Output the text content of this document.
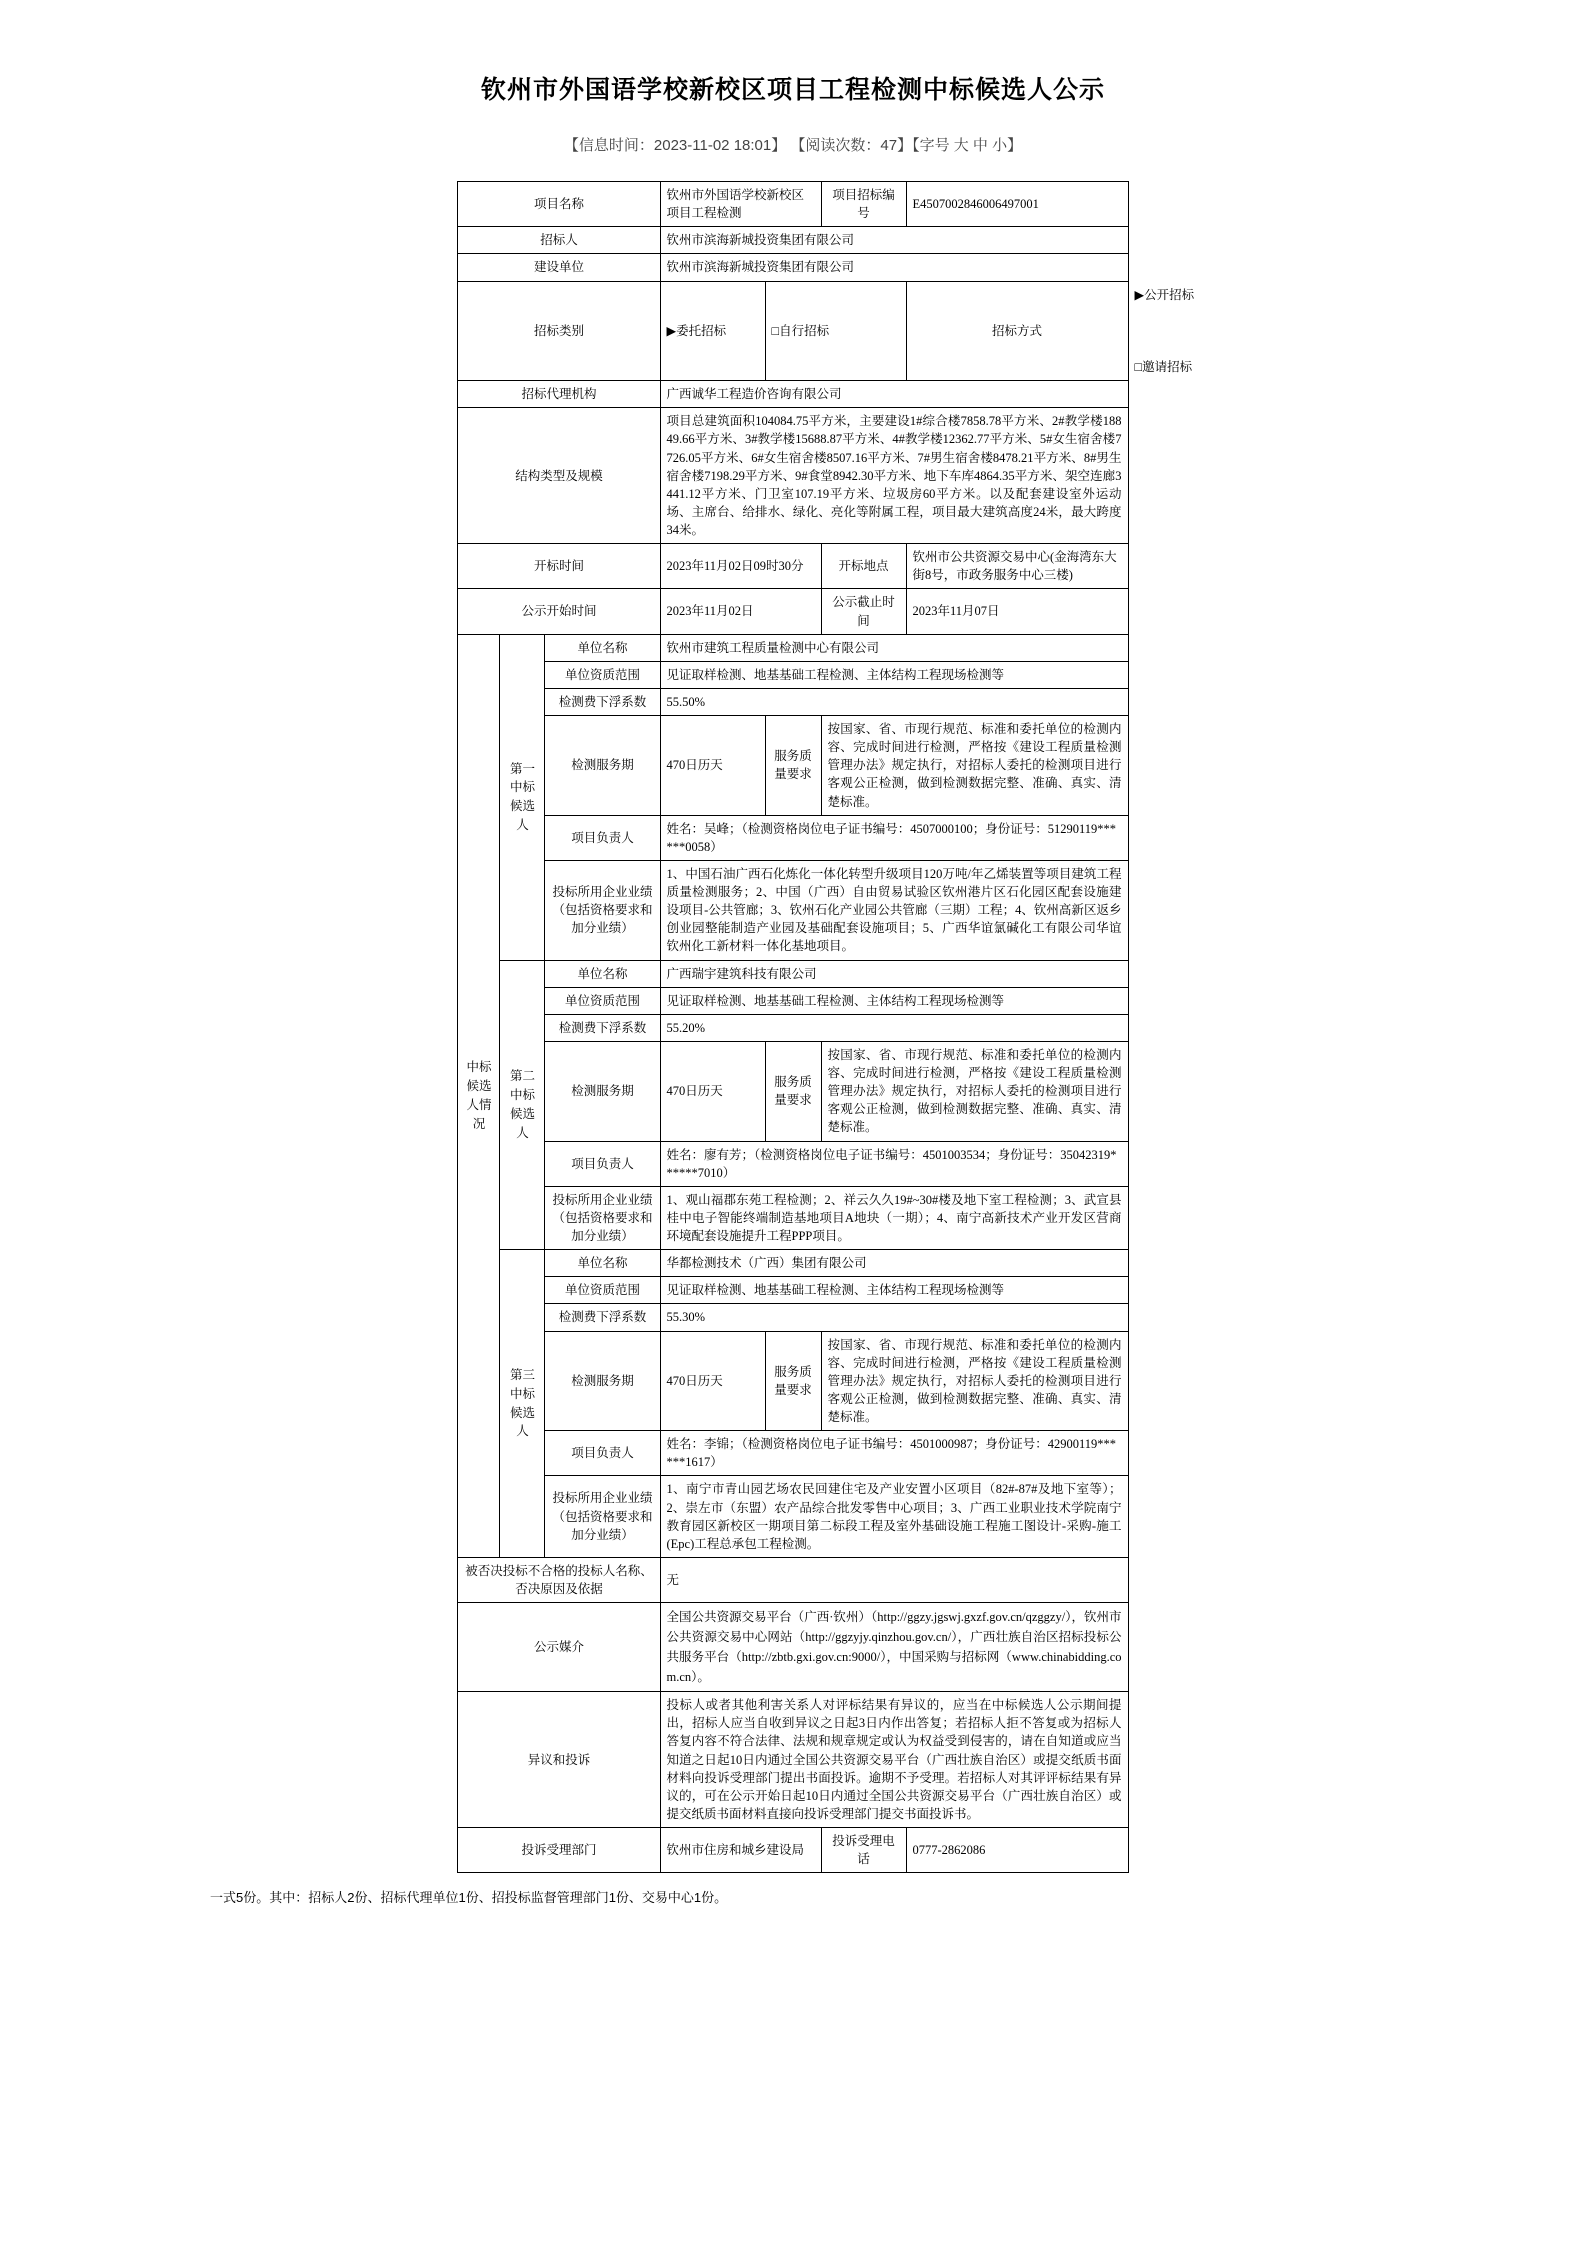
钦州市外国语学校新校区项目工程检测中标候选人公示
【信息时间：2023-11-02 18:01】 【阅读次数：47】【字号 大 中 小】
项目名称			钦州市外国语学校新校区项目工程检测		项目招标编号	E4507002846006497001	
招标人			钦州市滨海新城投资集团有限公司				
建设单位			钦州市滨海新城投资集团有限公司				
招标类别			▶委托招标	□自行招标		招标方式	▶公开招标     □邀请招标
招标代理机构			广西诚华工程造价咨询有限公司				
结构类型及规模			项目总建筑面积104084.75平方米，主要建设1#综合楼7858.78平方米、2#教学楼18849.66平方米、3#教学楼15688.87平方米、4#教学楼12362.77平方米、5#女生宿舍楼7726.05平方米、6#女生宿舍楼8507.16平方米、7#男生宿舍楼8478.21平方米、8#男生宿舍楼7198.29平方米、9#食堂8942.30平方米、地下车库4864.35平方米、架空连廊3441.12平方米、门卫室107.19平方米、垃圾房60平方米。以及配套建设室外运动场、主席台、给排水、绿化、亮化等附属工程，项目最大建筑高度24米，最大跨度34米。				
开标时间			2023年11月02日09时30分		开标地点	钦州市公共资源交易中心(金海湾东大街8号，市政务服务中心三楼)	
公示开始时间			2023年11月02日		公示截止时间	2023年11月07日	
中标候选人情况	第一中标候选人	单位名称	钦州市建筑工程质量检测中心有限公司				
		单位资质范围	见证取样检测、地基基础工程检测、主体结构工程现场检测等				
		检测费下浮系数	55.50%				
		检测服务期	470日历天	服务质量要求	按国家、省、市现行规范、标准和委托单位的检测内容、完成时间进行检测，严格按《建设工程质量检测管理办法》规定执行，对招标人委托的检测项目进行客观公正检测，做到检测数据完整、准确、真实、清楚标准。		
		项目负责人	姓名：吴峰；（检测资格岗位电子证书编号：4507000100；身份证号：51290119******0058）				
		投标所用企业业绩（包括资格要求和加分业绩）	1、中国石油广西石化炼化一体化转型升级项目120万吨/年乙烯装置等项目建筑工程质量检测服务；2、中国（广西）自由贸易试验区钦州港片区石化园区配套设施建设项目-公共管廊；3、钦州石化产业园公共管廊（三期）工程；4、钦州高新区返乡创业园整能制造产业园及基础配套设施项目；5、广西华谊氯碱化工有限公司华谊钦州化工新材料一体化基地项目。				
	第二中标候选人	单位名称	广西瑞宇建筑科技有限公司				
		单位资质范围	见证取样检测、地基基础工程检测、主体结构工程现场检测等				
		检测费下浮系数	55.20%				
		检测服务期	470日历天	服务质量要求	按国家、省、市现行规范、标准和委托单位的检测内容、完成时间进行检测，严格按《建设工程质量检测管理办法》规定执行，对招标人委托的检测项目进行客观公正检测，做到检测数据完整、准确、真实、清楚标准。		
		项目负责人	姓名：廖有芳；（检测资格岗位电子证书编号：4501003534；身份证号：35042319******7010）				
		投标所用企业业绩（包括资格要求和加分业绩）	1、观山福郡东苑工程检测；2、祥云久久19#~30#楼及地下室工程检测；3、武宣县桂中电子智能终端制造基地项目A地块（一期）；4、南宁高新技术产业开发区营商环境配套设施提升工程PPP项目。				
	第三中标候选人	单位名称	华都检测技术（广西）集团有限公司				
		单位资质范围	见证取样检测、地基基础工程检测、主体结构工程现场检测等				
		检测费下浮系数	55.30%				
		检测服务期	470日历天	服务质量要求	按国家、省、市现行规范、标准和委托单位的检测内容、完成时间进行检测，严格按《建设工程质量检测管理办法》规定执行，对招标人委托的检测项目进行客观公正检测，做到检测数据完整、准确、真实、清楚标准。		
		项目负责人	姓名：李锦；（检测资格岗位电子证书编号：4501000987；身份证号：42900119******1617）				
		投标所用企业业绩（包括资格要求和加分业绩）	1、南宁市青山园艺场农民回建住宅及产业安置小区项目（82#-87#及地下室等）；2、崇左市（东盟）农产品综合批发零售中心项目；3、广西工业职业技术学院南宁教育园区新校区一期项目第二标段工程及室外基础设施工程施工图设计-采购-施工(Epc)工程总承包工程检测。				
被否决投标不合格的投标人名称、否决原因及依据			无				
公示媒介			全国公共资源交易平台（广西·钦州）（http://ggzy.jgswj.gxzf.gov.cn/qzggzy/），钦州市公共资源交易中心网站（http://ggzyjy.qinzhou.gov.cn/），广西壮族自治区招标投标公共服务平台（http://zbtb.gxi.gov.cn:9000/），中国采购与招标网（www.chinabidding.com.cn）。				
异议和投诉			投标人或者其他利害关系人对评标结果有异议的，应当在中标候选人公示期间提出，招标人应当自收到异议之日起3日内作出答复；若招标人拒不答复或为招标人答复内容不符合法律、法规和规章规定或认为权益受到侵害的，请在自知道或应当知道之日起10日内通过全国公共资源交易平台（广西壮族自治区）或提交纸质书面材料向投诉受理部门提出书面投诉。逾期不予受理。若招标人对其评评标结果有异议的，可在公示开始日起10日内通过全国公共资源交易平台（广西壮族自治区）或提交纸质书面材料直接向投诉受理部门提交书面投诉书。				
投诉受理部门			钦州市住房和城乡建设局		投诉受理电话	0777-2862086	
一式5份。其中：招标人2份、招标代理单位1份、招投标监督管理部门1份、交易中心1份。
